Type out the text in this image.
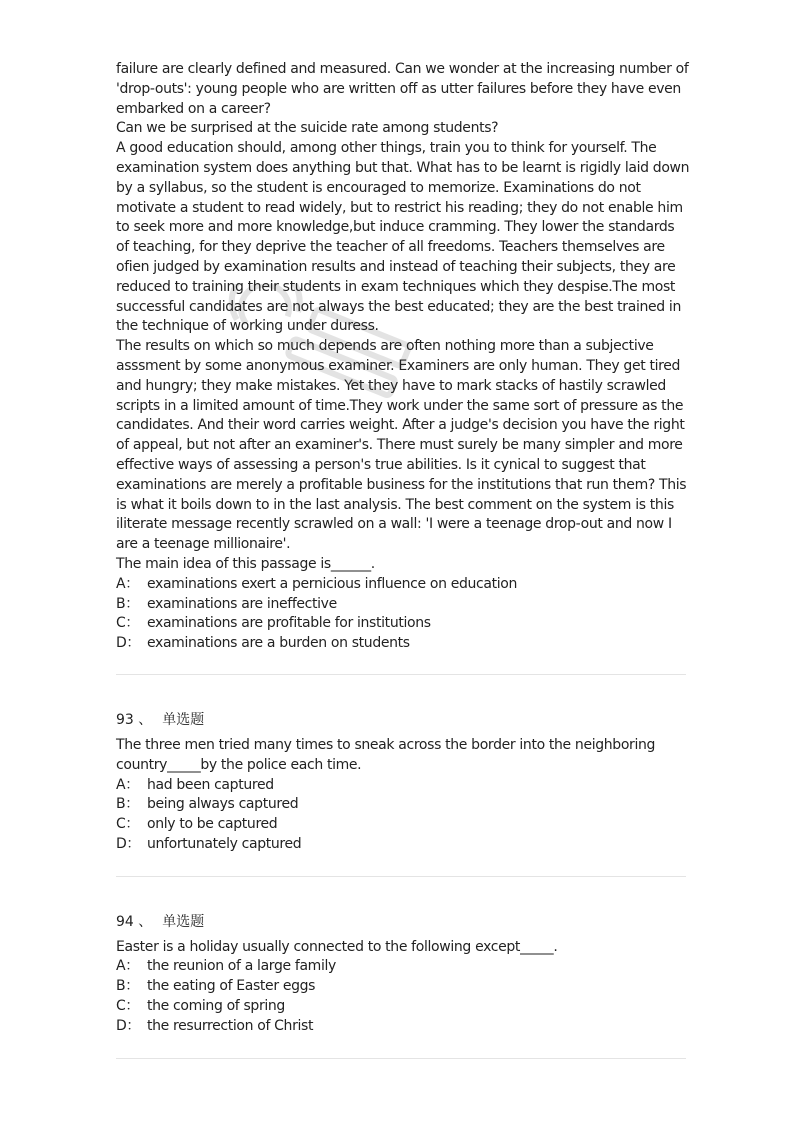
failure are clearly defined and measured. Can we wonder at the increasing number of
'drop-outs': young people who are written off as utter failures before they have even
embarked on a career?
Can we be surprised at the suicide rate among students?
A good education should, among other things, train you to think for yourself. The
examination system does anything but that. What has to be learnt is rigidly laid down
by a syllabus, so the student is encouraged to memorize. Examinations do not
motivate a student to read widely, but to restrict his reading; they do not enable him
to seek more and more knowledge,but induce cramming. They lower the standards
of teaching, for they deprive the teacher of all freedoms. Teachers themselves are
ofien judged by examination results and instead of teaching their subjects, they are
reduced to training their students in exam techniques which they despise.The most
successful candidates are not always the best educated; they are the best trained in
the technique of working under duress.
The results on which so much depends are often nothing more than a subjective
asssment by some anonymous examiner. Examiners are only human. They get tired
and hungry; they make mistakes. Yet they have to mark stacks of hastily scrawled
scripts in a limited amount of time.They work under the same sort of pressure as the
candidates. And their word carries weight. After a judge's decision you have the right
of appeal, but not after an examiner's. There must surely be many simpler and more
effective ways of assessing a person's true abilities. Is it cynical to suggest that
examinations are merely a profitable business for the institutions that run them? This
is what it boils down to in the last analysis. The best comment on the system is this
iliterate message recently scrawled on a wall: 'I were a teenage drop-out and now I
are a teenage millionaire'.
The main idea of this passage is______.
A： examinations exert a pernicious influence on education
B： examinations are ineffective
C： examinations are profitable for institutions
D： examinations are a burden on students
93 、 单选题
The three men tried many times to sneak across the border into the neighboring
country_____by the police each time.
A： had been captured
B： being always captured
C： only to be captured
D： unfortunately captured
94 、 单选题
Easter is a holiday usually connected to the following except_____.
A： the reunion of a large family
B： the eating of Easter eggs
C： the coming of spring
D： the resurrection of Christ
